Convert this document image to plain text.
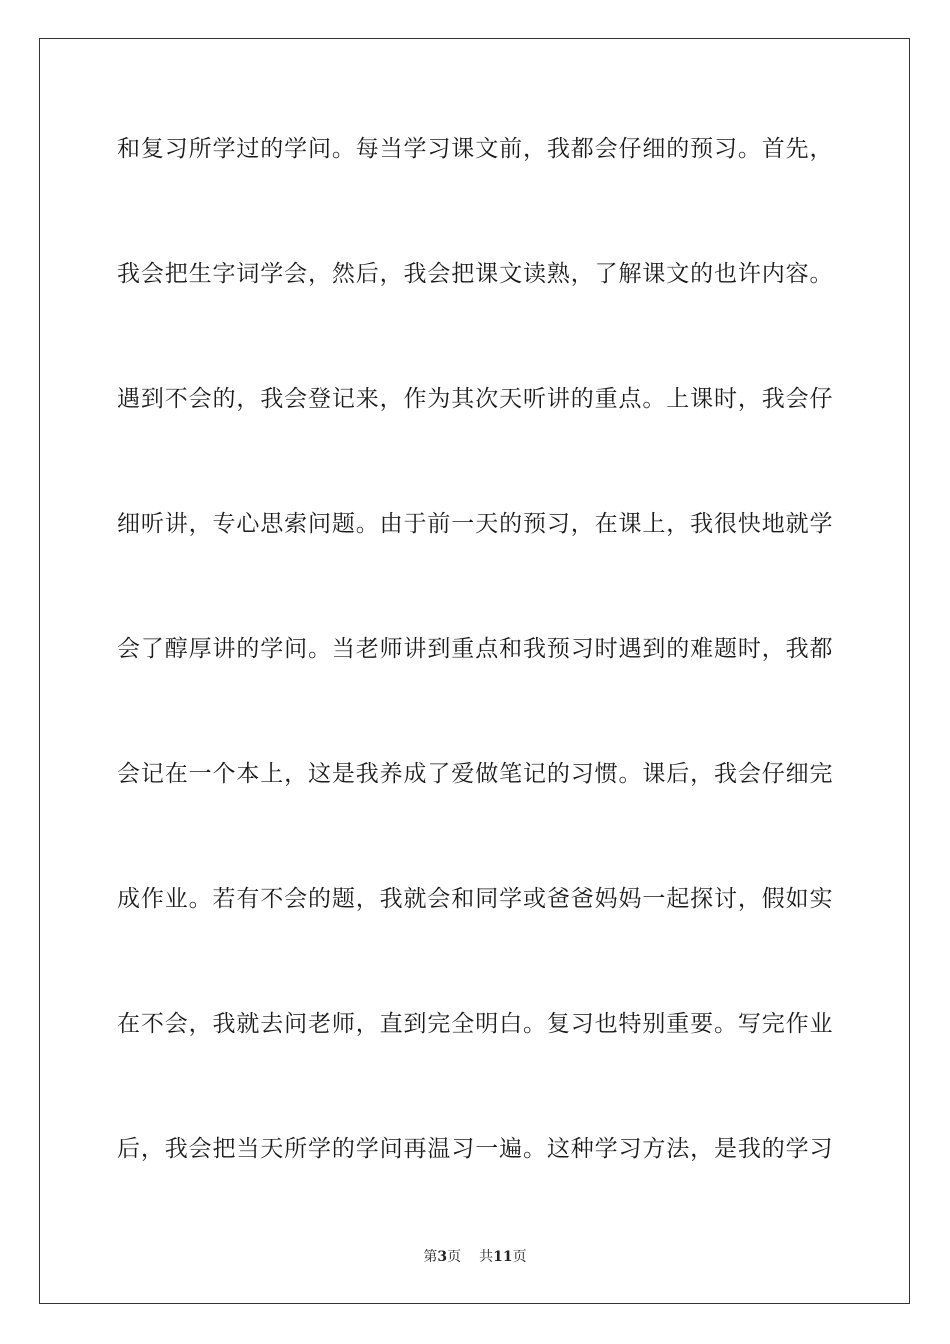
和复习所学过的学问。每当学习课文前，我都会仔细的预习。首先，
我会把生字词学会，然后，我会把课文读熟，了解课文的也许内容。
遇到不会的，我会登记来，作为其次天听讲的重点。上课时，我会仔
细听讲，专心思索问题。由于前一天的预习，在课上，我很快地就学
会了醇厚讲的学问。当老师讲到重点和我预习时遇到的难题时，我都
会记在一个本上，这是我养成了爱做笔记的习惯。课后，我会仔细完
成作业。若有不会的题，我就会和同学或爸爸妈妈一起探讨，假如实
在不会，我就去问老师，直到完全明白。复习也特别重要。写完作业
后，我会把当天所学的学问再温习一遍。这种学习方法，是我的学习
第3页 共11页
